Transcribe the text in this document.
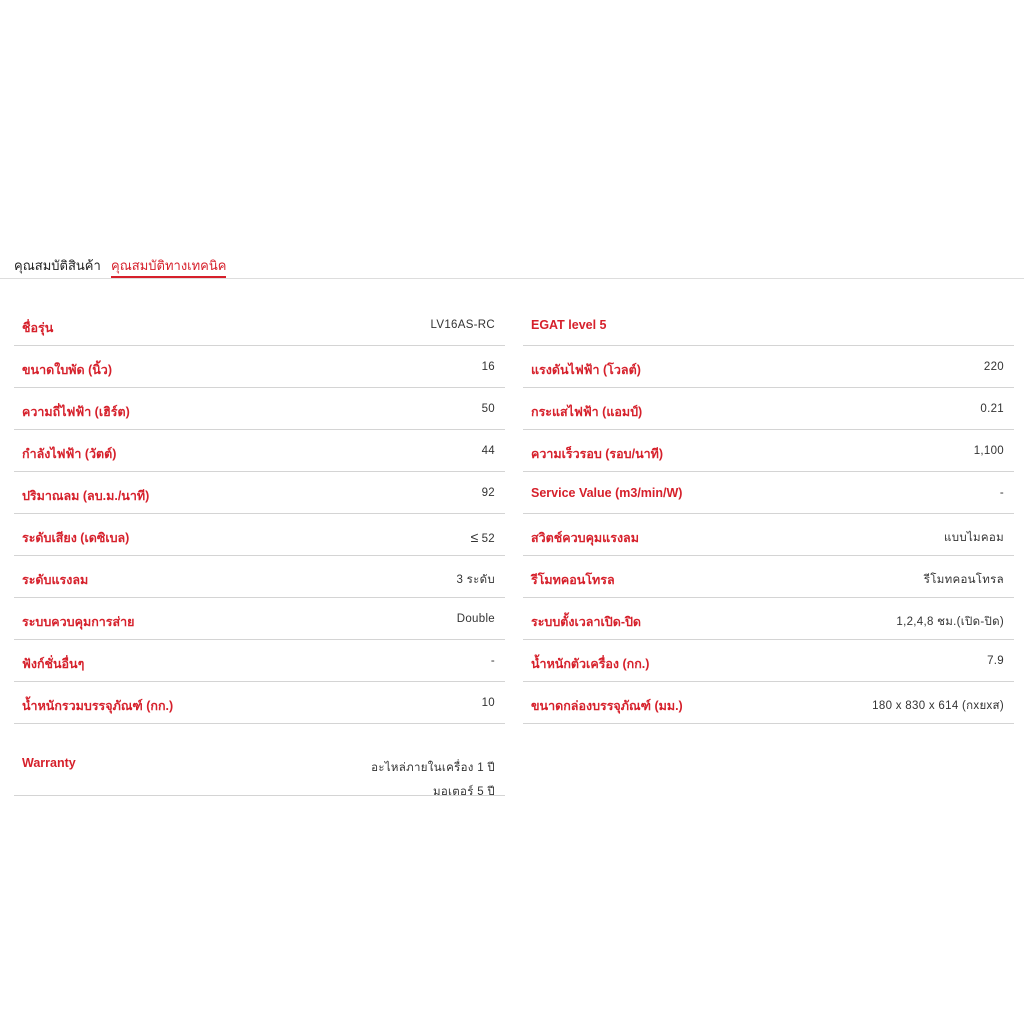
คุณสมบัติสินค้า คุณสมบัติทางเทคนิค
ชื่อรุ่น	LV16AS-RC
ขนาดใบพัด (นิ้ว)	16
ความถี่ไฟฟ้า (เฮิร์ต)	50
กำลังไฟฟ้า (วัตต์)	44
ปริมาณลม (ลบ.ม./นาที)	92
ระดับเสียง (เดซิเบล)	≤ 52
ระดับแรงลม	3 ระดับ
ระบบควบคุมการส่าย	Double
ฟังก์ชั่นอื่นๆ	-
น้ำหนักรวมบรรจุภัณฑ์ (กก.)	10
Warranty	อะไหล่ภายในเครื่อง 1 ปี
มอเตอร์ 5 ปี
EGAT level 5
แรงดันไฟฟ้า (โวลต์)	220
กระแสไฟฟ้า (แอมป์)	0.21
ความเร็วรอบ (รอบ/นาที)	1,100
Service Value (m3/min/W)	-
สวิตช์ควบคุมแรงลม	แบบไมคอม
รีโมทคอนโทรล	รีโมทคอนโทรล
ระบบตั้งเวลาเปิด-ปิด	1,2,4,8 ชม.(เปิด-ปิด)
น้ำหนักตัวเครื่อง (กก.)	7.9
ขนาดกล่องบรรจุภัณฑ์ (มม.)	180 x 830 x 614 (กxยxส)
